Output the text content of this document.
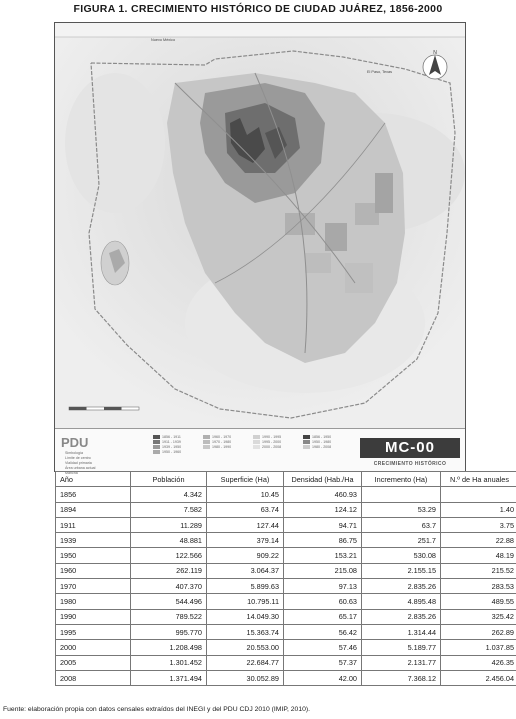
FIGURA 1. CRECIMIENTO HISTÓRICO DE CIUDAD JUÁREZ, 1856-2000
N
Nuevo México
El Paso, Texas
PDU
Simbología
Límite de centro
Vialidad primaria
Área urbana actual
Mancha
1856 - 1911
1911 - 1939
1939 - 1950
1950 - 1960
1960 - 1970
1970 - 1980
1980 - 1990
1990 - 1995
1995 - 2000
2000 - 2008
1856 - 1950
1950 - 1980
1980 - 2008	MC-00
CRECIMIENTO HISTÓRICO
Año	Población	Superficie (Ha)	Densidad (Hab./Ha	Incremento (Ha)	N.º de Ha anuales
1856	4.342	10.45	460.93		
1894	7.582	63.74	124.12	53.29	1.40
1911	11.289	127.44	94.71	63.7	3.75
1939	48.881	379.14	86.75	251.7	22.88
1950	122.566	909.22	153.21	530.08	48.19
1960	262.119	3.064.37	215.08	2.155.15	215.52
1970	407.370	5.899.63	97.13	2.835.26	283.53
1980	544.496	10.795.11	60.63	4.895.48	489.55
1990	789.522	14.049.30	65.17	2.835.26	325.42
1995	995.770	15.363.74	56.42	1.314.44	262.89
2000	1.208.498	20.553.00	57.46	5.189.77	1.037.85
2005	1.301.452	22.684.77	57.37	2.131.77	426.35
2008	1.371.494	30.052.89	42.00	7.368.12	2.456.04
Fuente: elaboración propia con datos censales extraídos del INEGI y del PDU CDJ 2010 (IMIP, 2010).
